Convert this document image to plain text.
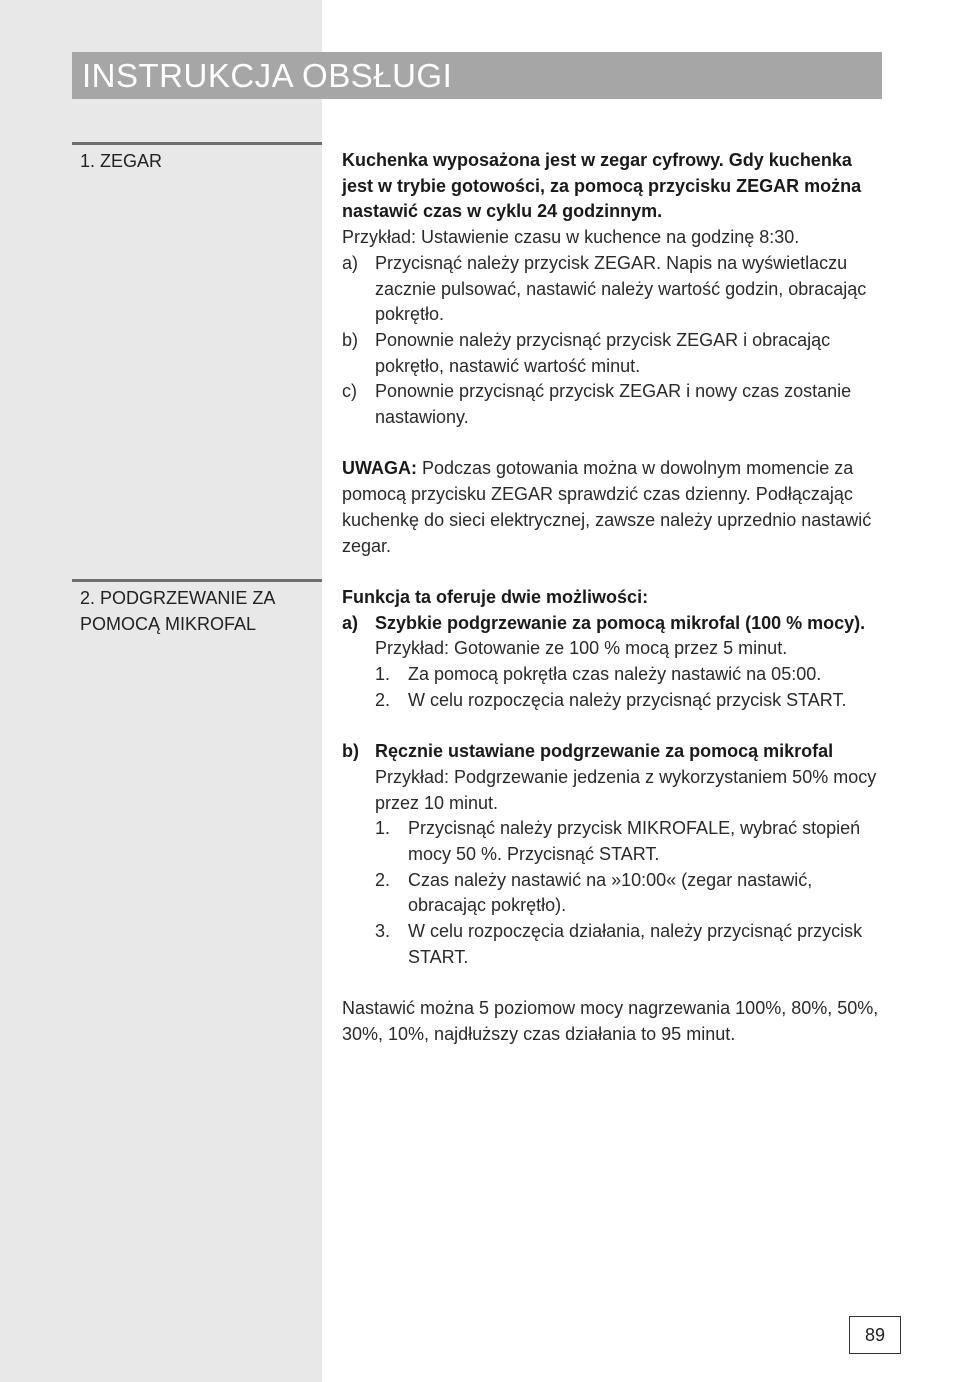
INSTRUKCJA OBSŁUGI
1. ZEGAR	Kuchenka wyposażona jest w zegar cyfrowy. Gdy kuchenka jest w trybie gotowości, za pomocą przycisku ZEGAR można nastawić czas w cyklu 24 godzinnym.

Przykład: Ustawienie czasu w kuchence na godzinę 8:30.

a) Przycisnąć należy przycisk ZEGAR. Napis na wyświetlaczu zacznie pulsować, nastawić należy wartość godzin, obracając pokrętło.
b) Ponownie należy przycisnąć przycisk ZEGAR i obracając pokrętło, nastawić wartość minut.
c) Ponownie przycisnąć przycisk ZEGAR i nowy czas zostanie nastawiony.

UWAGA: Podczas gotowania można w dowolnym momencie za pomocą przycisku ZEGAR sprawdzić czas dzienny. Podłączając kuchenkę do sieci elektrycznej, zawsze należy uprzednio nastawić zegar.

2. PODGRZEWANIE ZA POMOCĄ MIKROFAL

Funkcja ta oferuje dwie możliwości:

a) Szybkie podgrzewanie za pomocą mikrofal (100 % mocy).

Przykład: Gotowanie ze 100 % mocą przez 5 minut.

1. Za pomocą pokrętła czas należy nastawić na 05:00.
2. W celu rozpoczęcia należy przycisnąć przycisk START.
b) Ręcznie ustawiane podgrzewanie za pomocą mikrofal

Przykład: Podgrzewanie jedzenia z wykorzystaniem 50% mocy przez 10 minut.

1. Przycisnąć należy przycisk MIKROFALE, wybrać stopień mocy 50 %. Przycisnąć START.
2. Czas należy nastawić na »10:00« (zegar nastawić, obracając pokrętło).
3. W celu rozpoczęcia działania, należy przycisnąć przycisk START.

Nastawić można 5 poziomow mocy nagrzewania 100%, 80%, 50%, 30%, 10%, najdłuższy czas działania to 95 minut.

89
